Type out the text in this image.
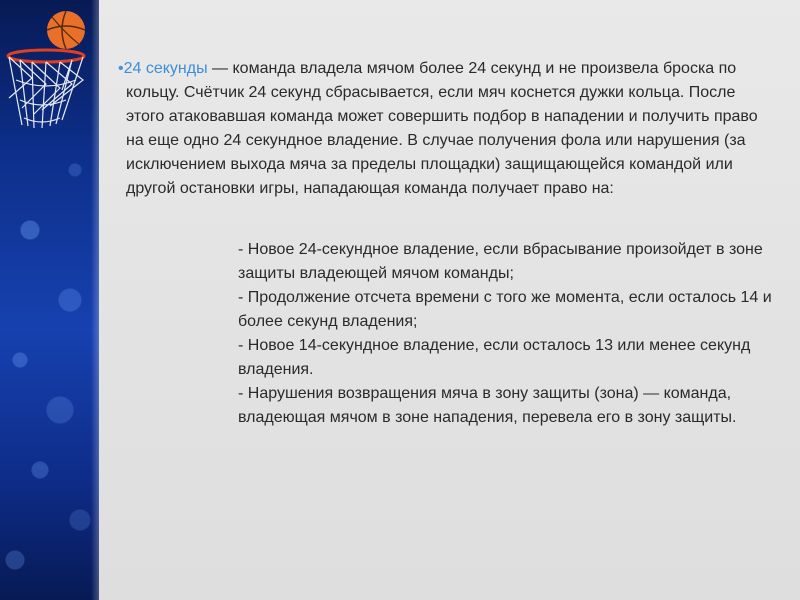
•24 секунды — команда владела мячом более 24 секунд и не произвела броска по кольцу. Счётчик 24 секунд сбрасывается, если мяч коснется дужки кольца. После этого атаковавшая команда может совершить подбор в нападении и получить право на еще одно 24 секундное владение. В случае получения фола или нарушения (за исключением выхода мяча за пределы площадки) защищающейся командой или другой остановки игры, нападающая команда получает право на:

- Новое 24-секундное владение, если вбрасывание произойдет в зоне защиты владеющей мячом команды;
- Продолжение отсчета времени с того же момента, если осталось 14 и более секунд владения;
- Новое 14-секундное владение, если осталось 13 или менее секунд владения.
- Нарушения возвращения мяча в зону защиты (зона) — команда, владеющая мячом в зоне нападения, перевела его в зону защиты.
